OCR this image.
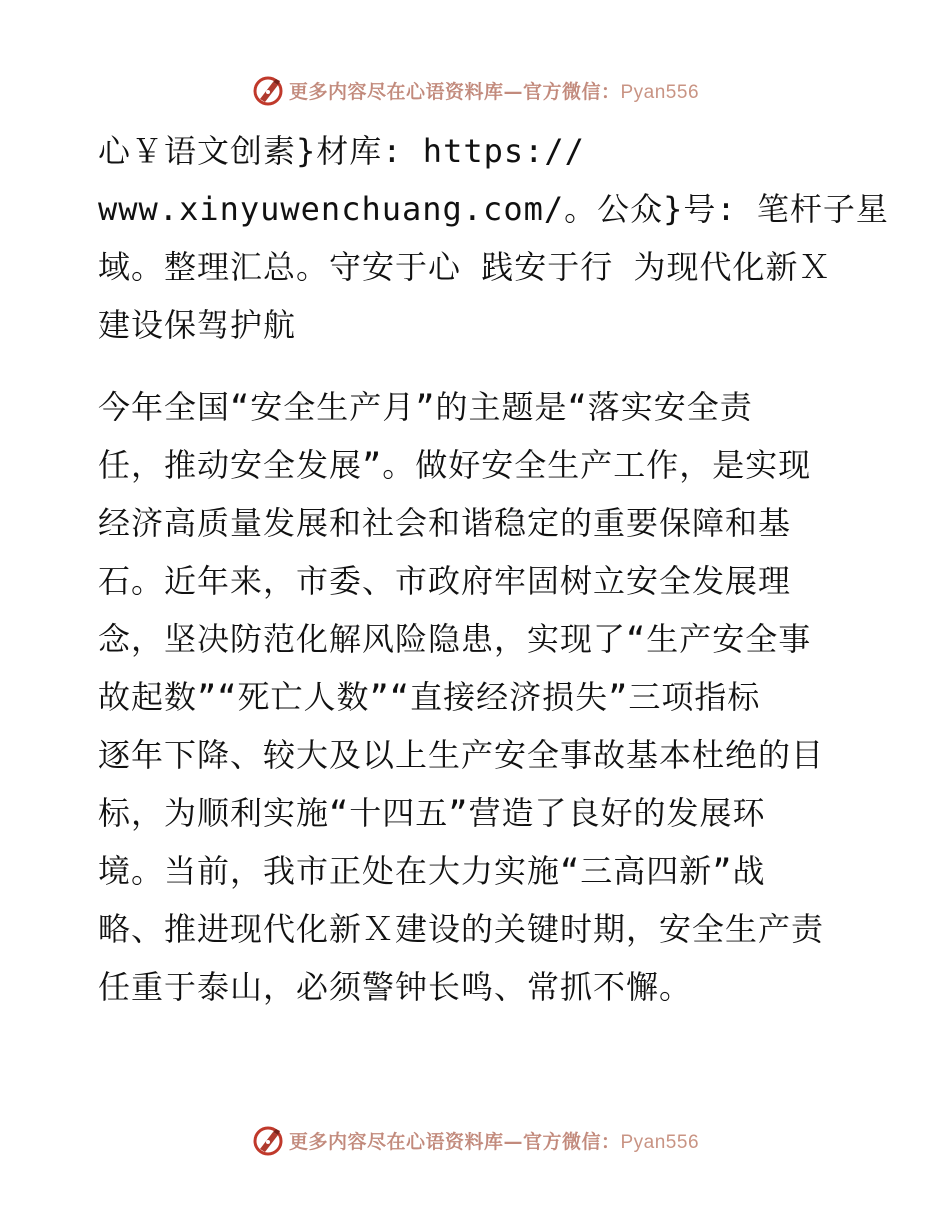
更多内容尽在心语资料库—官方微信：Pyan556

心￥语文创素}材库: https://
www.xinyuwenchuang.com/。公众}号: 笔杆子星
域。整理汇总。守安于心 践安于行 为现代化新Ｘ
建设保驾护航

今年全国“安全生产月”的主题是“落实安全责
任，推动安全发展”。做好安全生产工作，是实现
经济高质量发展和社会和谐稳定的重要保障和基
石。近年来，市委、市政府牢固树立安全发展理
念，坚决防范化解风险隐患，实现了“生产安全事
故起数”“死亡人数”“直接经济损失”三项指标
逐年下降、较大及以上生产安全事故基本杜绝的目
标，为顺利实施“十四五”营造了良好的发展环
境。当前，我市正处在大力实施“三高四新”战
略、推进现代化新Ｘ建设的关键时期，安全生产责
任重于泰山，必须警钟长鸣、常抓不懈。

更多内容尽在心语资料库—官方微信：Pyan556
